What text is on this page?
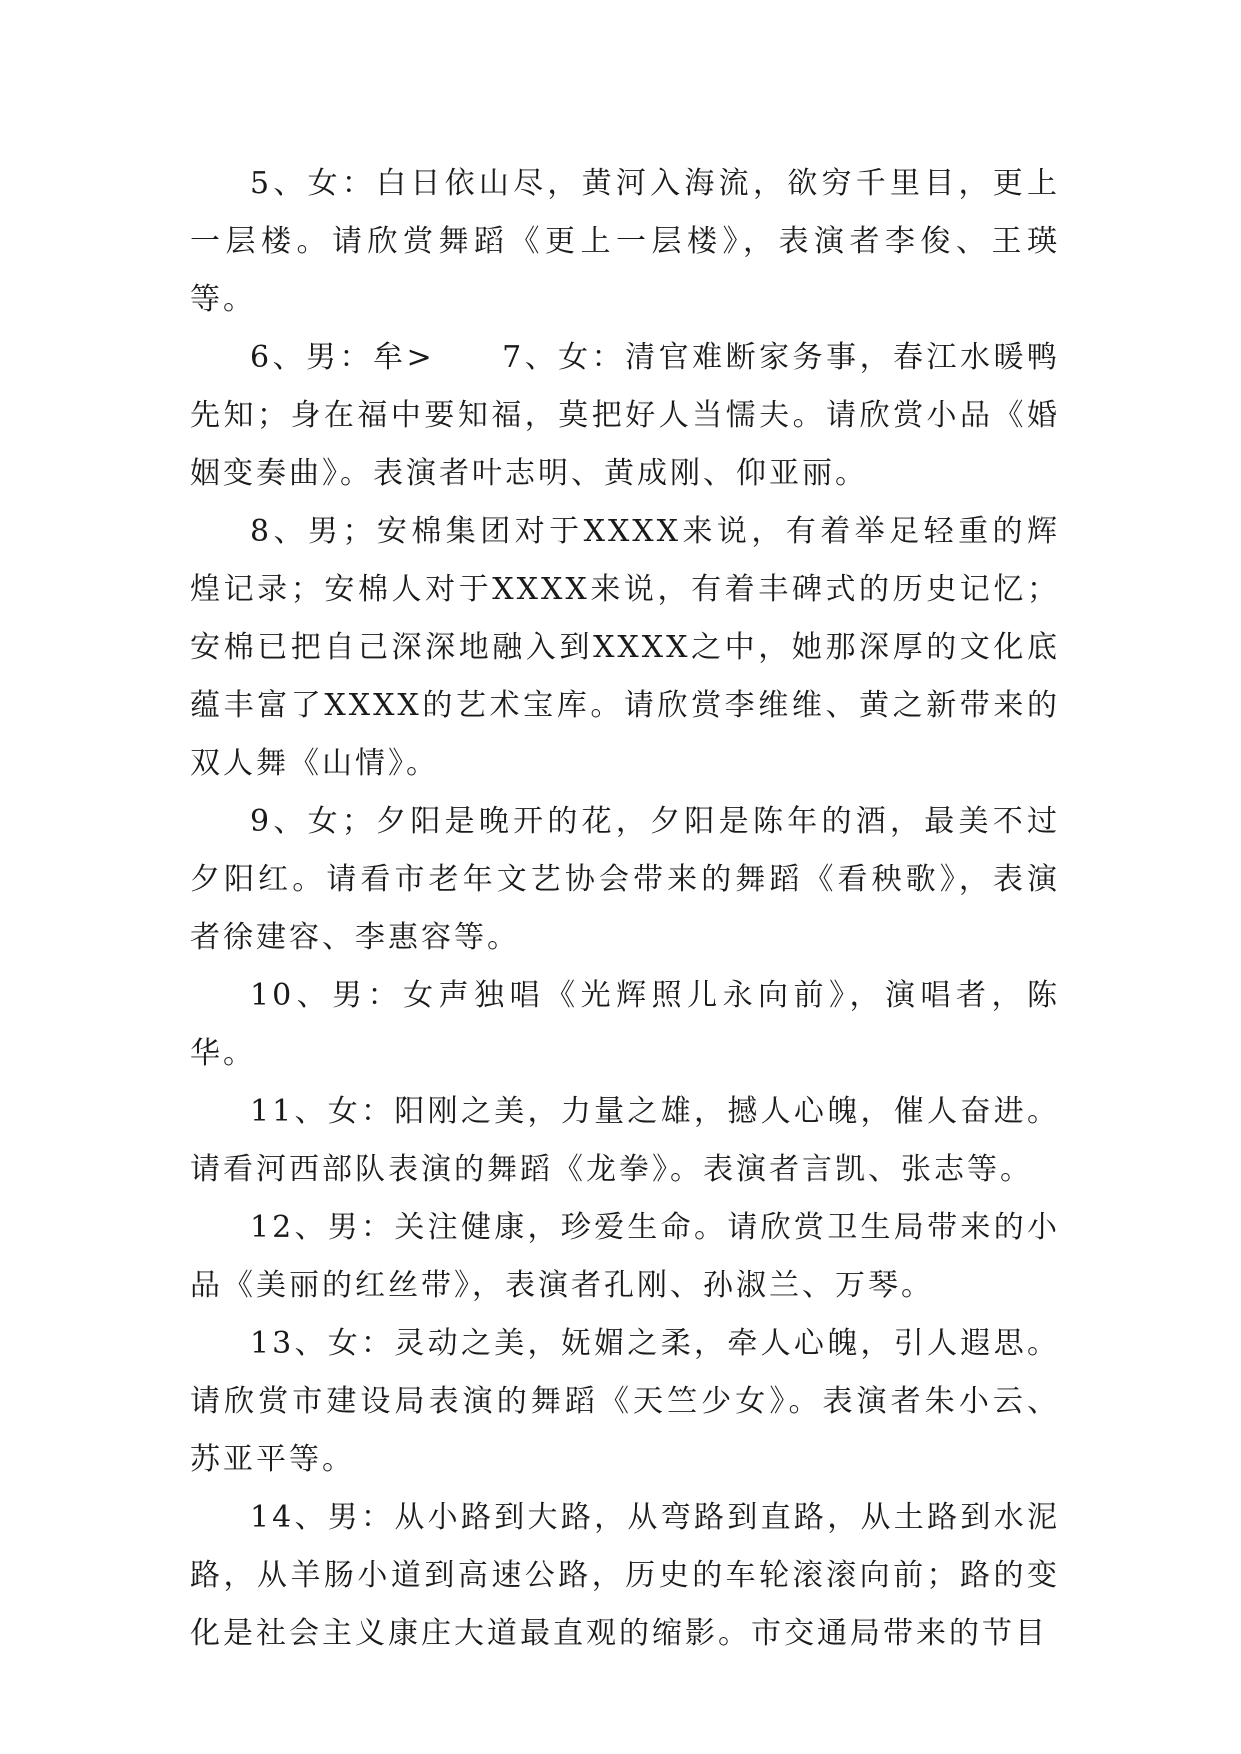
5、女：白日依山尽，黄河入海流，欲穷千里目，更上一层楼。请欣赏舞蹈《更上一层楼》，表演者李俊、王瑛等。

6、男：牟>　　7、女：清官难断家务事，春江水暖鸭先知；身在福中要知福，莫把好人当懦夫。请欣赏小品《婚姻变奏曲》。表演者叶志明、黄成刚、仰亚丽。

8、男；安棉集团对于XXXX来说，有着举足轻重的辉煌记录；安棉人对于XXXX来说，有着丰碑式的历史记忆；安棉已把自己深深地融入到XXXX之中，她那深厚的文化底蕴丰富了XXXX的艺术宝库。请欣赏李维维、黄之新带来的双人舞《山情》。

9、女；夕阳是晚开的花，夕阳是陈年的酒，最美不过夕阳红。请看市老年文艺协会带来的舞蹈《看秧歌》，表演者徐建容、李惠容等。

10、男：女声独唱《光辉照儿永向前》，演唱者，陈华。

11、女：阳刚之美，力量之雄，撼人心魄，催人奋进。请看河西部队表演的舞蹈《龙拳》。表演者言凯、张志等。

12、男：关注健康，珍爱生命。请欣赏卫生局带来的小品《美丽的红丝带》，表演者孔刚、孙淑兰、万琴。

13、女：灵动之美，妩媚之柔，牵人心魄，引人遐思。请欣赏市建设局表演的舞蹈《天竺少女》。表演者朱小云、苏亚平等。

14、男：从小路到大路，从弯路到直路，从土路到水泥路，从羊肠小道到高速公路，历史的车轮滚滚向前；路的变化是社会主义康庄大道最直观的缩影。市交通局带来的节目
